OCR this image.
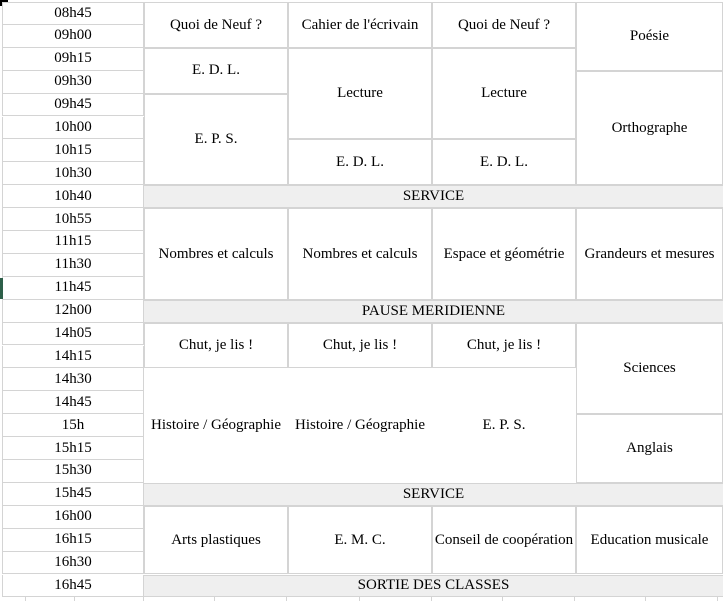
08h45
09h00
09h15
09h30
09h45
10h00
10h15
10h30
10h40
10h55
11h15
11h30
11h45
12h00
14h05
14h15
14h30
14h45
15h
15h15
15h30
15h45
16h00
16h15
16h30
16h45
SERVICE
PAUSE MERIDIENNE
SERVICE
SORTIE DES CLASSES
Quoi de Neuf ?
E. D. L.
E. P. S.
Nombres et calculs
Chut, je lis !
Histoire / Géographie
Arts plastiques
Cahier de l'écrivain
Lecture
E. D. L.
Nombres et calculs
Chut, je lis !
Histoire / Géographie
E. M. C.
Quoi de Neuf ?
Lecture
E. D. L.
Espace et géométrie
Chut, je lis !
E. P. S.
Conseil de coopération
Poésie
Orthographe
Grandeurs et mesures
Sciences
Anglais
Education musicale
